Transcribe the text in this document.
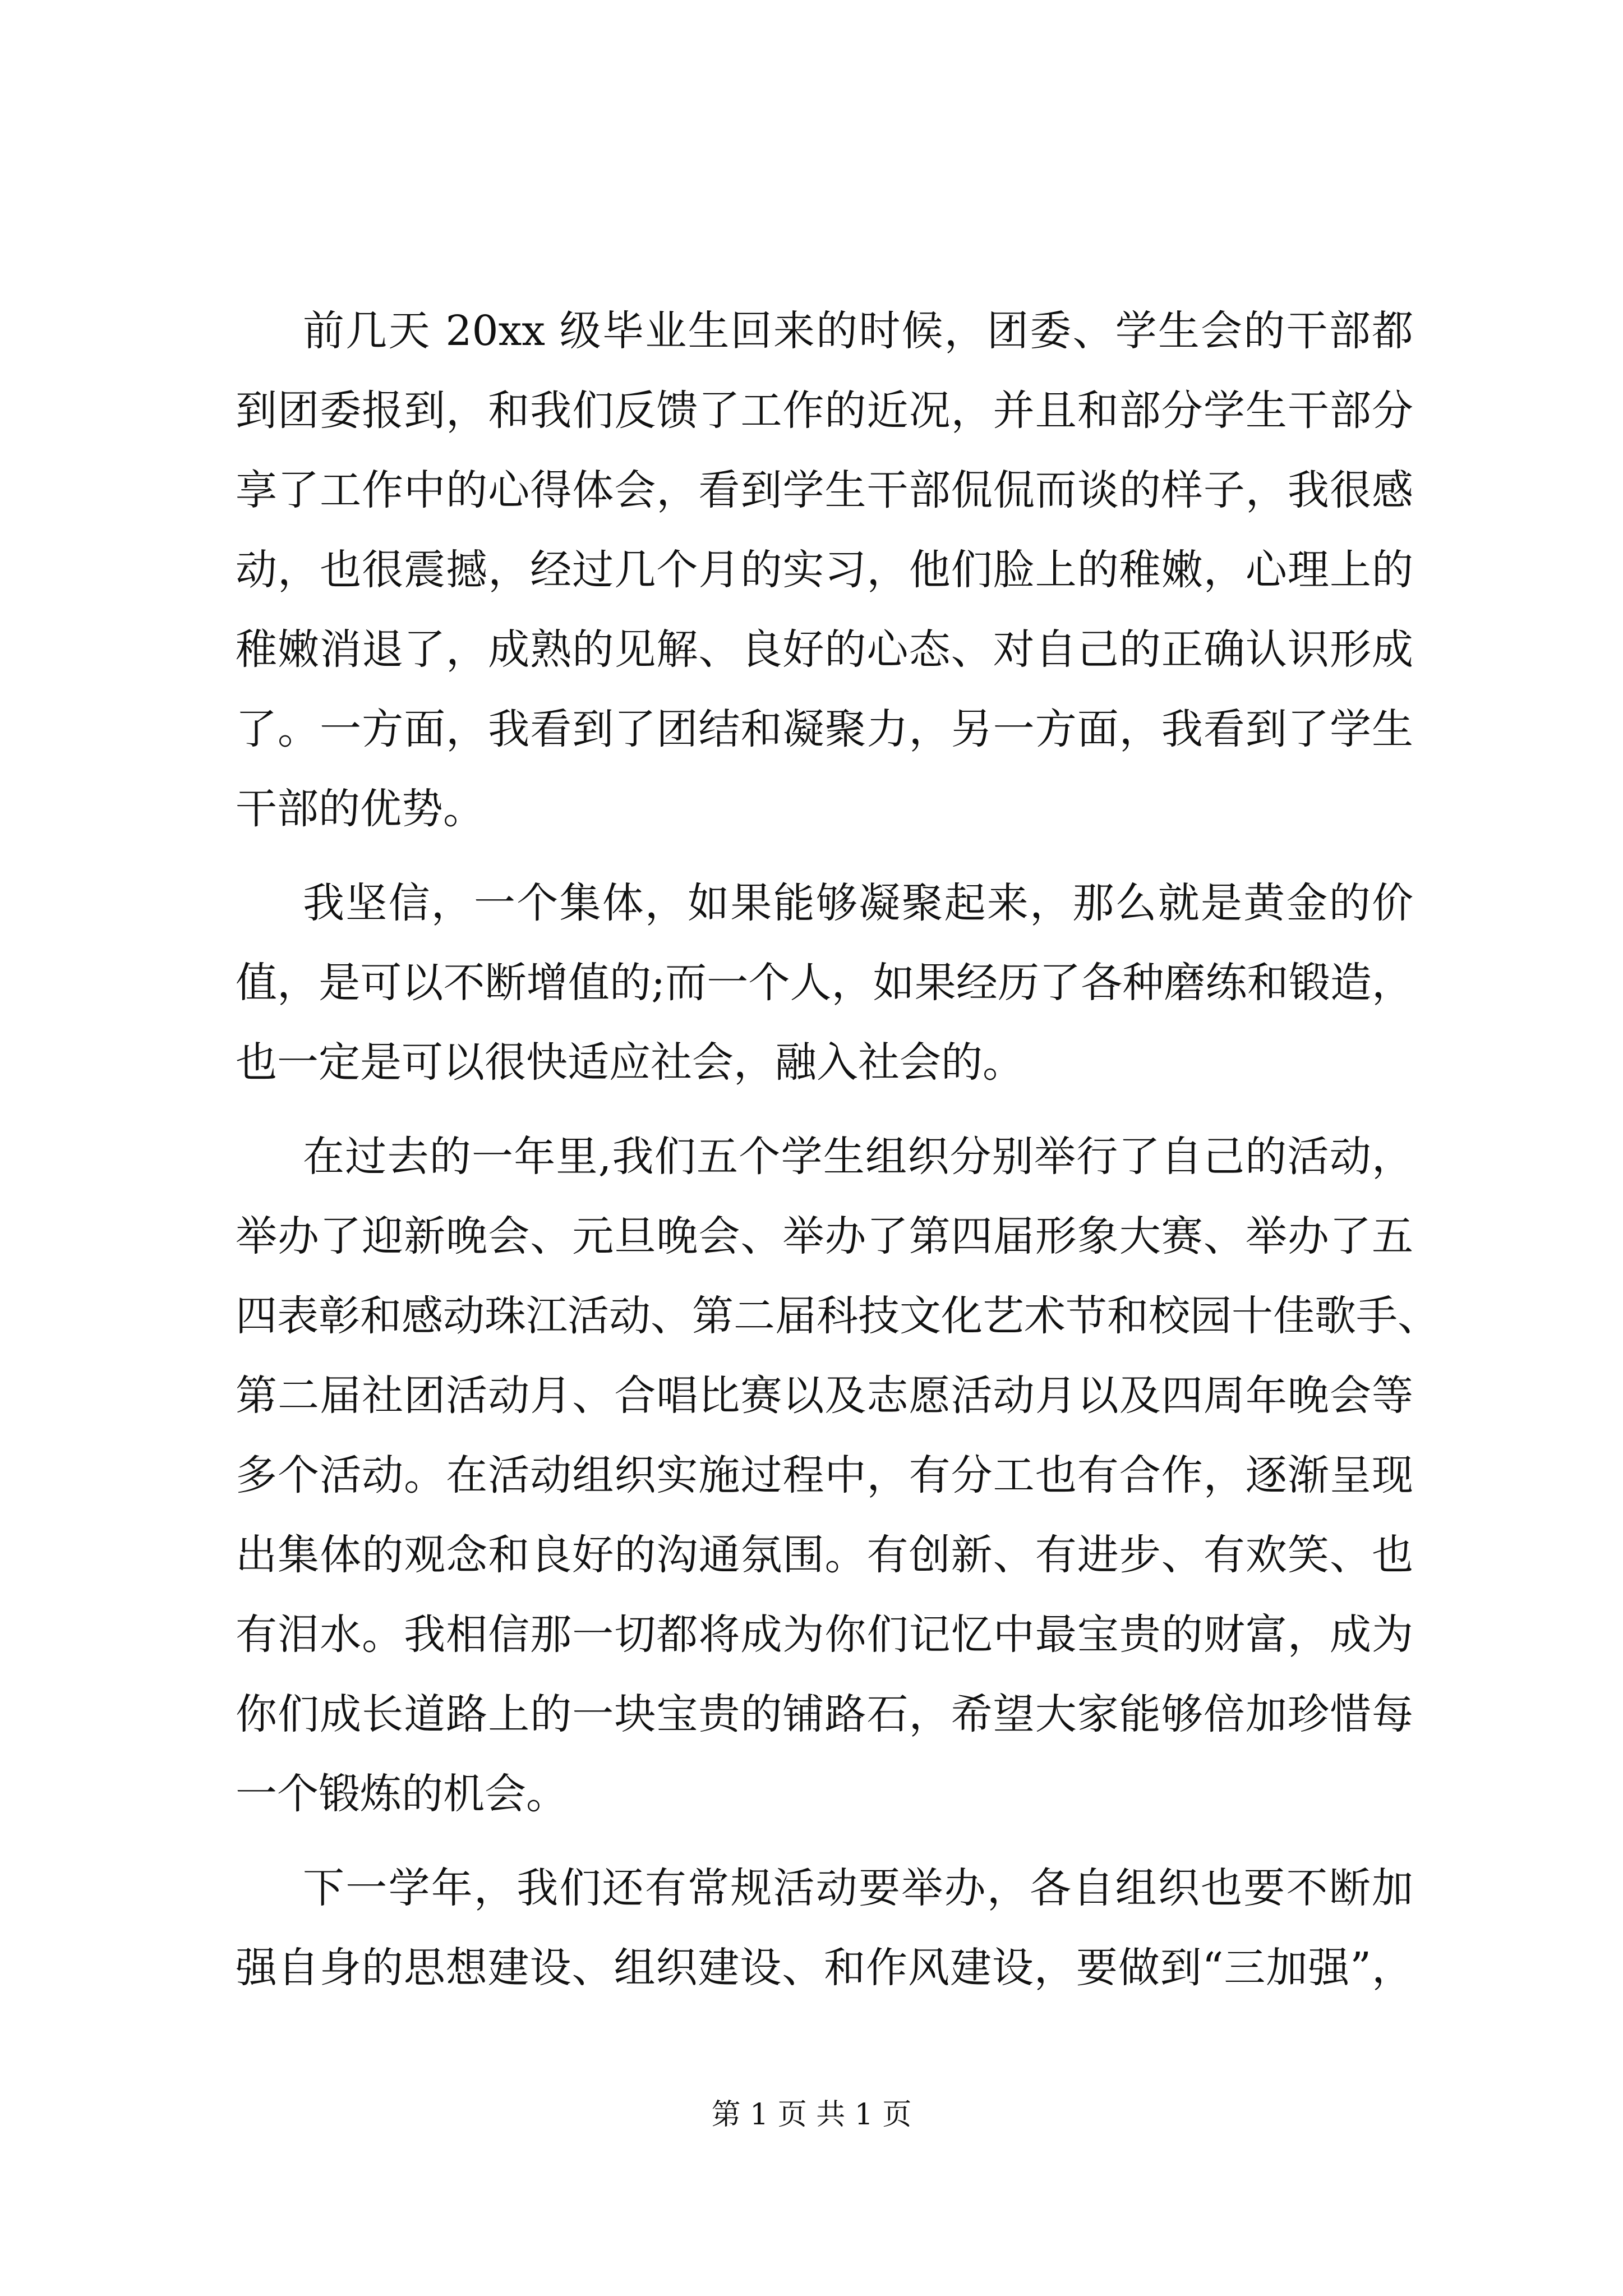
前几天 20xx 级毕业生回来的时候，团委、学生会的干部都
到团委报到，和我们反馈了工作的近况，并且和部分学生干部分
享了工作中的心得体会，看到学生干部侃侃而谈的样子，我很感
动，也很震撼，经过几个月的实习，他们脸上的稚嫩，心理上的
稚嫩消退了，成熟的见解、良好的心态、对自己的正确认识形成
了。一方面，我看到了团结和凝聚力，另一方面，我看到了学生
干部的优势。
我坚信，一个集体，如果能够凝聚起来，那么就是黄金的价
值，是可以不断增值的;而一个人，如果经历了各种磨练和锻造，
也一定是可以很快适应社会，融入社会的。
在过去的一年里,我们五个学生组织分别举行了自己的活动，
举办了迎新晚会、元旦晚会、举办了第四届形象大赛、举办了五
四表彰和感动珠江活动、第二届科技文化艺术节和校园十佳歌手、
第二届社团活动月、合唱比赛以及志愿活动月以及四周年晚会等
多个活动。在活动组织实施过程中，有分工也有合作，逐渐呈现
出集体的观念和良好的沟通氛围。有创新、有进步、有欢笑、也
有泪水。我相信那一切都将成为你们记忆中最宝贵的财富，成为
你们成长道路上的一块宝贵的铺路石，希望大家能够倍加珍惜每
一个锻炼的机会。
下一学年，我们还有常规活动要举办，各自组织也要不断加
强自身的思想建设、组织建设、和作风建设，要做到“三加强”，
第 1 页 共 1 页
